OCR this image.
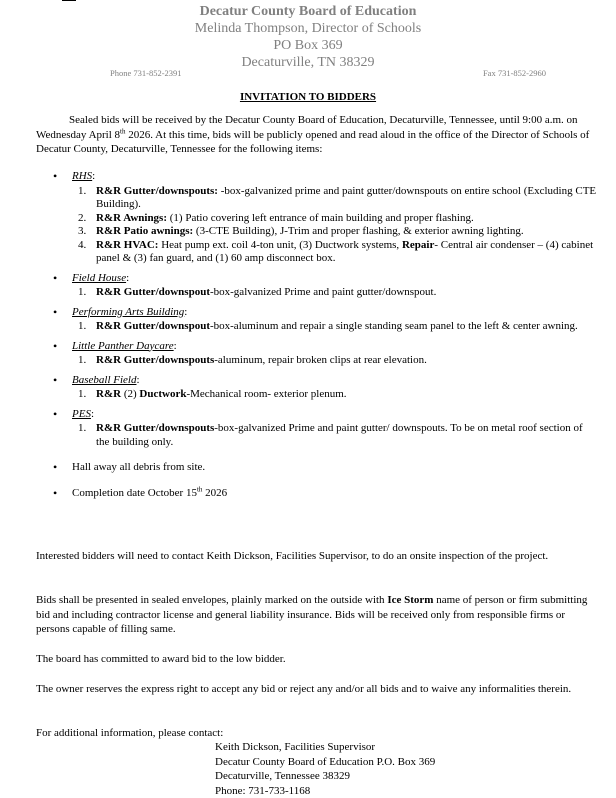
Decatur County Board of Education
Melinda Thompson, Director of Schools
PO Box 369
Decaturville, TN 38329
Phone 731-852-2391	Fax 731-852-2960
INVITATION TO BIDDERS

Sealed bids will be received by the Decatur County Board of Education, Decaturville, Tennessee, until 9:00 a.m. on Wednesday April 8th 2026. At this time, bids will be publicly opened and read aloud in the office of the Director of Schools of Decatur County, Decaturville, Tennessee for the following items:

• RHS:
1. R&R Gutter/downspouts: -box-galvanized prime and paint gutter/downspouts on entire school (Excluding CTE Building).
2. R&R Awnings: (1) Patio covering left entrance of main building and proper flashing.
3. R&R Patio awnings: (3-CTE Building), J-Trim and proper flashing, & exterior awning lighting.
4. R&R HVAC: Heat pump ext. coil 4-ton unit, (3) Ductwork systems, Repair- Central air condenser – (4) cabinet panel & (3) fan guard, and (1) 60 amp disconnect box.
• Field House:
1. R&R Gutter/downspout-box-galvanized Prime and paint gutter/downspout.
• Performing Arts Building:
1. R&R Gutter/downspout-box-aluminum and repair a single standing seam panel to the left & center awning.
• Little Panther Daycare:
1. R&R Gutter/downspouts-aluminum, repair broken clips at rear elevation.
• Baseball Field:
1. R&R (2) Ductwork-Mechanical room- exterior plenum.
• PES:
1. R&R Gutter/downspouts-box-galvanized Prime and paint gutter/ downspouts. To be on metal roof section of the building only.
• Hall away all debris from site.
• Completion date October 15th 2026

Interested bidders will need to contact Keith Dickson, Facilities Supervisor, to do an onsite inspection of the project.

Bids shall be presented in sealed envelopes, plainly marked on the outside with Ice Storm name of person or firm submitting bid and including contractor license and general liability insurance. Bids will be received only from responsible firms or persons capable of filling same.

The board has committed to award bid to the low bidder.

The owner reserves the express right to accept any bid or reject any and/or all bids and to waive any informalities therein.

For additional information, please contact:

Keith Dickson, Facilities Supervisor
Decatur County Board of Education P.O. Box 369
Decaturville, Tennessee 38329
Phone: 731-733-1168
